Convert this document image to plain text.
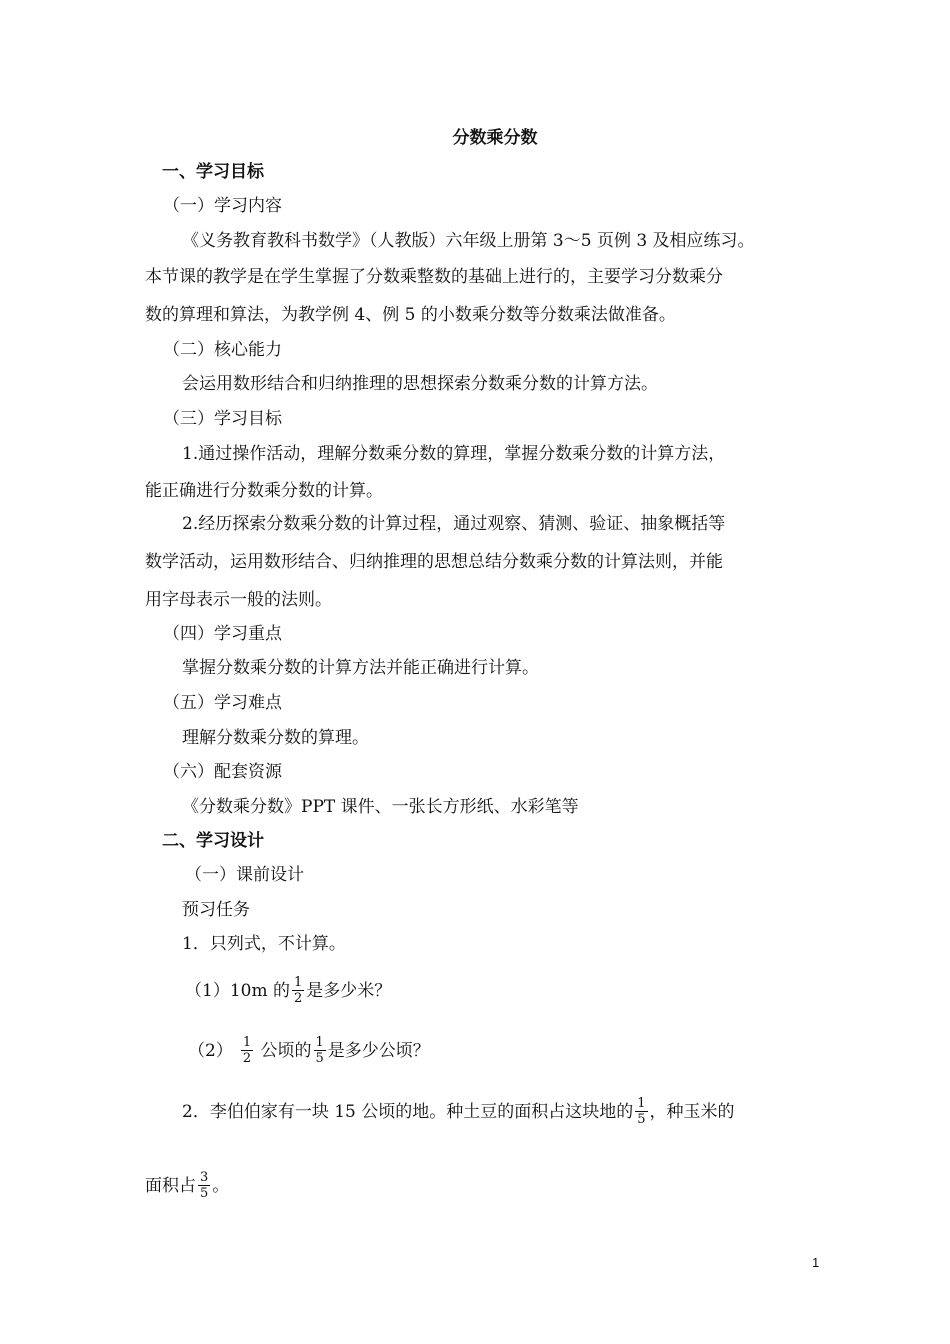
分数乘分数
一、学习目标
（一）学习内容
《义务教育教科书数学》（人教版）六年级上册第 3～5 页例 3 及相应练习。
本节课的教学是在学生掌握了分数乘整数的基础上进行的，主要学习分数乘分
数的算理和算法，为教学例 4、例 5 的小数乘分数等分数乘法做准备。
（二）核心能力
会运用数形结合和归纳推理的思想探索分数乘分数的计算方法。
（三）学习目标
1.通过操作活动，理解分数乘分数的算理，掌握分数乘分数的计算方法，
能正确进行分数乘分数的计算。
2.经历探索分数乘分数的计算过程，通过观察、猜测、验证、抽象概括等
数学活动，运用数形结合、归纳推理的思想总结分数乘分数的计算法则，并能
用字母表示一般的法则。
（四）学习重点
掌握分数乘分数的计算方法并能正确进行计算。
（五）学习难点
理解分数乘分数的算理。
（六）配套资源
《分数乘分数》PPT 课件、一张长方形纸、水彩笔等
二、学习设计
（一）课前设计
预习任务
1．只列式，不计算。
（1）10m 的 $\frac{1}{2}$ 是多少米？
$(2) \frac{1}{2}$ 公顷的 $\frac{1}{5}$ 是多少公顷？
2．李伯伯家有一块 15 公顷的地。种土豆的面积占这块地的 $\frac{1}{5}$ ，种玉米的
面积占 $\frac{3}{5}$ 。
1
